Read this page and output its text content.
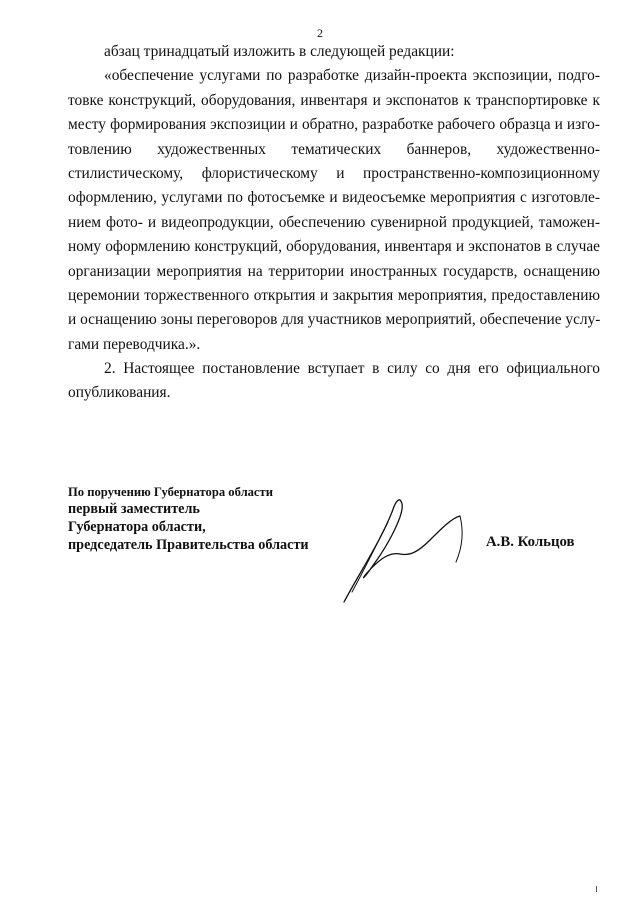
2
абзац тринадцатый изложить в следующей редакции:
«обеспечение услугами по разработке дизайн-проекта экспозиции, подго-
товке конструкций, оборудования, инвентаря и экспонатов к транспортировке к
месту формирования экспозиции и обратно, разработке рабочего образца и изго-
товлению художественных тематических баннеров, художественно-
стилистическому, флористическому и пространственно-композиционному
оформлению, услугами по фотосъемке и видеосъемке мероприятия с изготовле-
нием фото- и видеопродукции, обеспечению сувенирной продукцией, таможен-
ному оформлению конструкций, оборудования, инвентаря и экспонатов в случае
организации мероприятия на территории иностранных государств, оснащению
церемонии торжественного открытия и закрытия мероприятия, предоставлению
и оснащению зоны переговоров для участников мероприятий, обеспечение услу-
гами переводчика.».
2. Настоящее постановление вступает в силу со дня его официального
опубликования.
По поручению Губернатора области
первый заместитель
Губернатора области,
председатель Правительства области	А.В. Кольцов
